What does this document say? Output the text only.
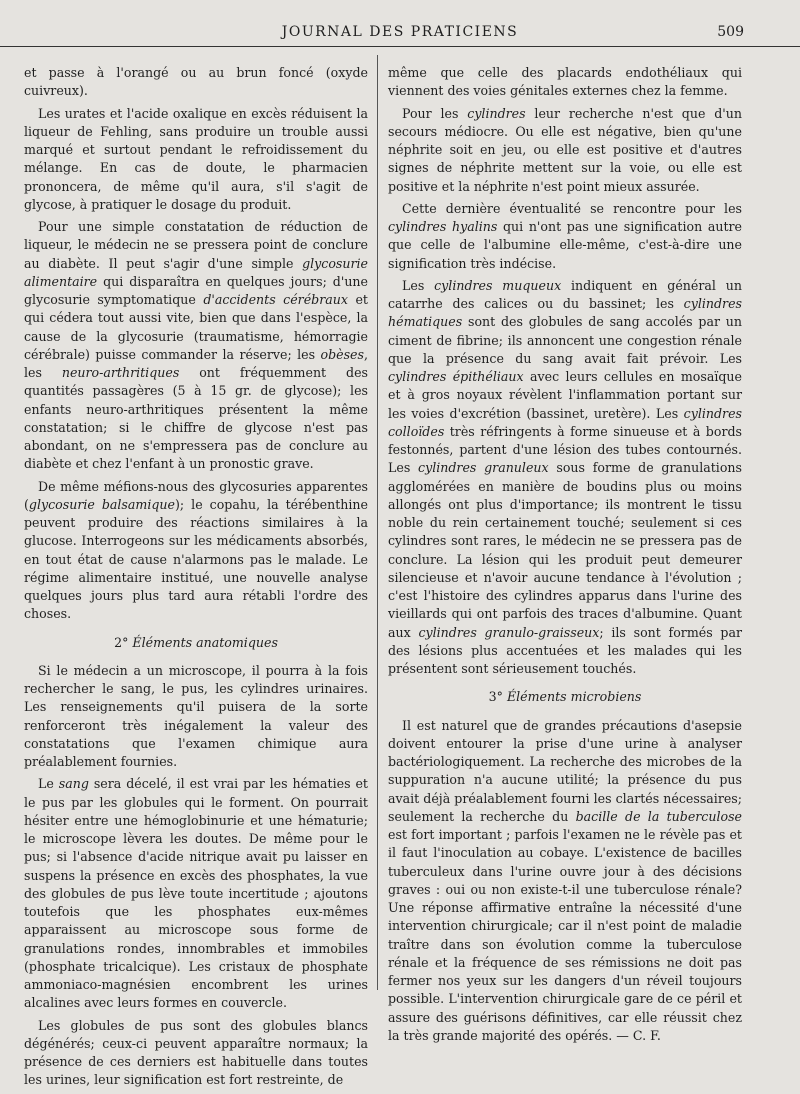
JOURNAL DES PRATICIENS	509

et passe à l'orangé ou au brun foncé (oxyde cuivreux).

Les urates et l'acide oxalique en excès réduisent la liqueur de Fehling, sans produire un trouble aussi marqué et surtout pendant le refroidissement du mélange. En cas de doute, le pharmacien prononcera, de même qu'il aura, s'il s'agit de glycose, à pratiquer le dosage du produit.

Pour une simple constatation de réduction de liqueur, le médecin ne se pressera point de conclure au diabète. Il peut s'agir d'une simple glycosurie alimentaire qui disparaîtra en quelques jours; d'une glycosurie symptomatique d'accidents cérébraux et qui cédera tout aussi vite, bien que dans l'espèce, la cause de la glycosurie (traumatisme, hémorragie cérébrale) puisse commander la réserve; les obèses, les neuro-arthritiques ont fréquemment des quantités passagères (5 à 15 gr. de glycose); les enfants neuro-arthritiques présentent la même constatation; si le chiffre de glycose n'est pas abondant, on ne s'empressera pas de conclure au diabète et chez l'enfant à un pronostic grave.

De même méfions-nous des glycosuries apparentes (glycosurie balsamique); le copahu, la térébenthine peuvent produire des réactions similaires à la glucose. Interrogeons sur les médicaments absorbés, en tout état de cause n'alarmons pas le malade. Le régime alimentaire institué, une nouvelle analyse quelques jours plus tard aura rétabli l'ordre des choses.

2° Éléments anatomiques

Si le médecin a un microscope, il pourra à la fois rechercher le sang, le pus, les cylindres urinaires. Les renseignements qu'il puisera de la sorte renforceront très inégalement la valeur des constatations que l'examen chimique aura préalablement fournies.

Le sang sera décelé, il est vrai par les hématies et le pus par les globules qui le forment. On pourrait hésiter entre une hémoglobinurie et une hématurie; le microscope lèvera les doutes. De même pour le pus; si l'absence d'acide nitrique avait pu laisser en suspens la présence en excès des phosphates, la vue des globules de pus lève toute incertitude ; ajoutons toutefois que les phosphates eux-mêmes apparaissent au microscope sous forme de granulations rondes, innombrables et immobiles (phosphate tricalcique). Les cristaux de phosphate ammoniaco-magnésien encombrent les urines alcalines avec leurs formes en couvercle.

Les globules de pus sont des globules blancs dégénérés; ceux-ci peuvent apparaître normaux; la présence de ces derniers est habituelle dans toutes les urines, leur signification est fort restreinte, de

même que celle des placards endothéliaux qui viennent des voies génitales externes chez la femme.

Pour les cylindres leur recherche n'est que d'un secours médiocre. Ou elle est négative, bien qu'une néphrite soit en jeu, ou elle est positive et d'autres signes de néphrite mettent sur la voie, ou elle est positive et la néphrite n'est point mieux assurée.

Cette dernière éventualité se rencontre pour les cylindres hyalins qui n'ont pas une signification autre que celle de l'albumine elle-même, c'est-à-dire une signification très indécise.

Les cylindres muqueux indiquent en général un catarrhe des calices ou du bassinet; les cylindres hématiques sont des globules de sang accolés par un ciment de fibrine; ils annoncent une congestion rénale que la présence du sang avait fait prévoir. Les cylindres épithéliaux avec leurs cellules en mosaïque et à gros noyaux révèlent l'inflammation portant sur les voies d'excrétion (bassinet, uretère). Les cylindres colloïdes très réfringents à forme sinueuse et à bords festonnés, partent d'une lésion des tubes contournés. Les cylindres granuleux sous forme de granulations agglomérées en manière de boudins plus ou moins allongés ont plus d'importance; ils montrent le tissu noble du rein certainement touché; seulement si ces cylindres sont rares, le médecin ne se pressera pas de conclure. La lésion qui les produit peut demeurer silencieuse et n'avoir aucune tendance à l'évolution ; c'est l'histoire des cylindres apparus dans l'urine des vieillards qui ont parfois des traces d'albumine. Quant aux cylindres granulo-graisseux; ils sont formés par des lésions plus accentuées et les malades qui les présentent sont sérieusement touchés.

3° Éléments microbiens

Il est naturel que de grandes précautions d'asepsie doivent entourer la prise d'une urine à analyser bactériologiquement. La recherche des microbes de la suppuration n'a aucune utilité; la présence du pus avait déjà préalablement fourni les clartés nécessaires; seulement la recherche du bacille de la tuberculose est fort important ; parfois l'examen ne le révèle pas et il faut l'inoculation au cobaye. L'existence de bacilles tuberculeux dans l'urine ouvre jour à des décisions graves : oui ou non existe-t-il une tuberculose rénale? Une réponse affirmative entraîne la nécessité d'une intervention chirurgicale; car il n'est point de maladie traître dans son évolution comme la tuberculose rénale et la fréquence de ses rémissions ne doit pas fermer nos yeux sur les dangers d'un réveil toujours possible. L'intervention chirurgicale gare de ce péril et assure des guérisons définitives, car elle réussit chez la très grande majorité des opérés. — C. F.
